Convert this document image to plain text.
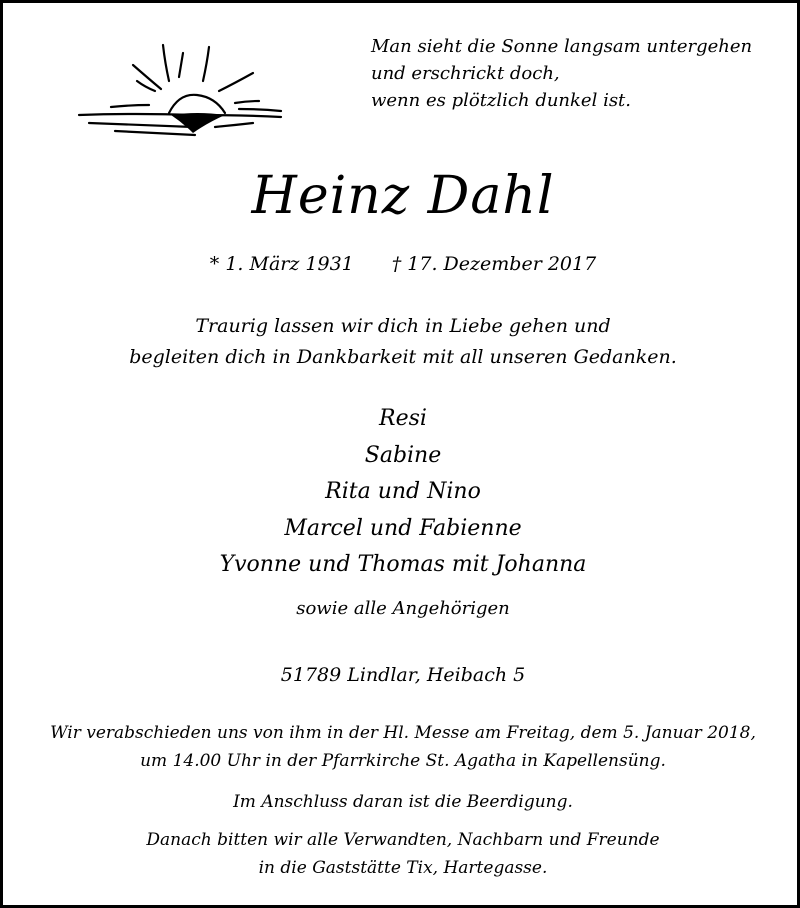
Man sieht die Sonne langsam untergehen
und erschrickt doch,
wenn es plötzlich dunkel ist.
Heinz Dahl
* 1. März 1931 † 17. Dezember 2017
Traurig lassen wir dich in Liebe gehen und
begleiten dich in Dankbarkeit mit all unseren Gedanken.
Resi
Sabine
Rita und Nino
Marcel und Fabienne
Yvonne und Thomas mit Johanna
sowie alle Angehörigen
51789 Lindlar, Heibach 5
Wir verabschieden uns von ihm in der Hl. Messe am Freitag, dem 5. Januar 2018,
um 14.00 Uhr in der Pfarrkirche St. Agatha in Kapellensüng.
Im Anschluss daran ist die Beerdigung.
Danach bitten wir alle Verwandten, Nachbarn und Freunde
in die Gaststätte Tix, Hartegasse.
